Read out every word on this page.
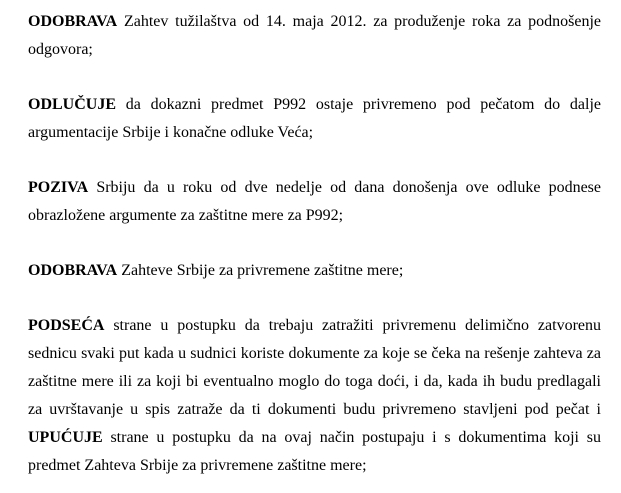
ODOBRAVA Zahtev tužilaštva od 14. maja 2012. za produženje roka za podnošenje odgovora;

ODLUČUJE da dokazni predmet P992 ostaje privremeno pod pečatom do dalje argumentacije Srbije i konačne odluke Veća;

POZIVA Srbiju da u roku od dve nedelje od dana donošenja ove odluke podnese obrazložene argumente za zaštitne mere za P992;

ODOBRAVA Zahteve Srbije za privremene zaštitne mere;

PODSEĆA strane u postupku da trebaju zatražiti privremenu delimično zatvorenu sednicu svaki put kada u sudnici koriste dokumente za koje se čeka na rešenje zahteva za zaštitne mere ili za koji bi eventualno moglo do toga doći, i da, kada ih budu predlagali za uvrštavanje u spis zatraže da ti dokumenti budu privremeno stavljeni pod pečat i UPUĆUJE strane u postupku da na ovaj način postupaju i s dokumentima koji su predmet Zahteva Srbije za privremene zaštitne mere;
